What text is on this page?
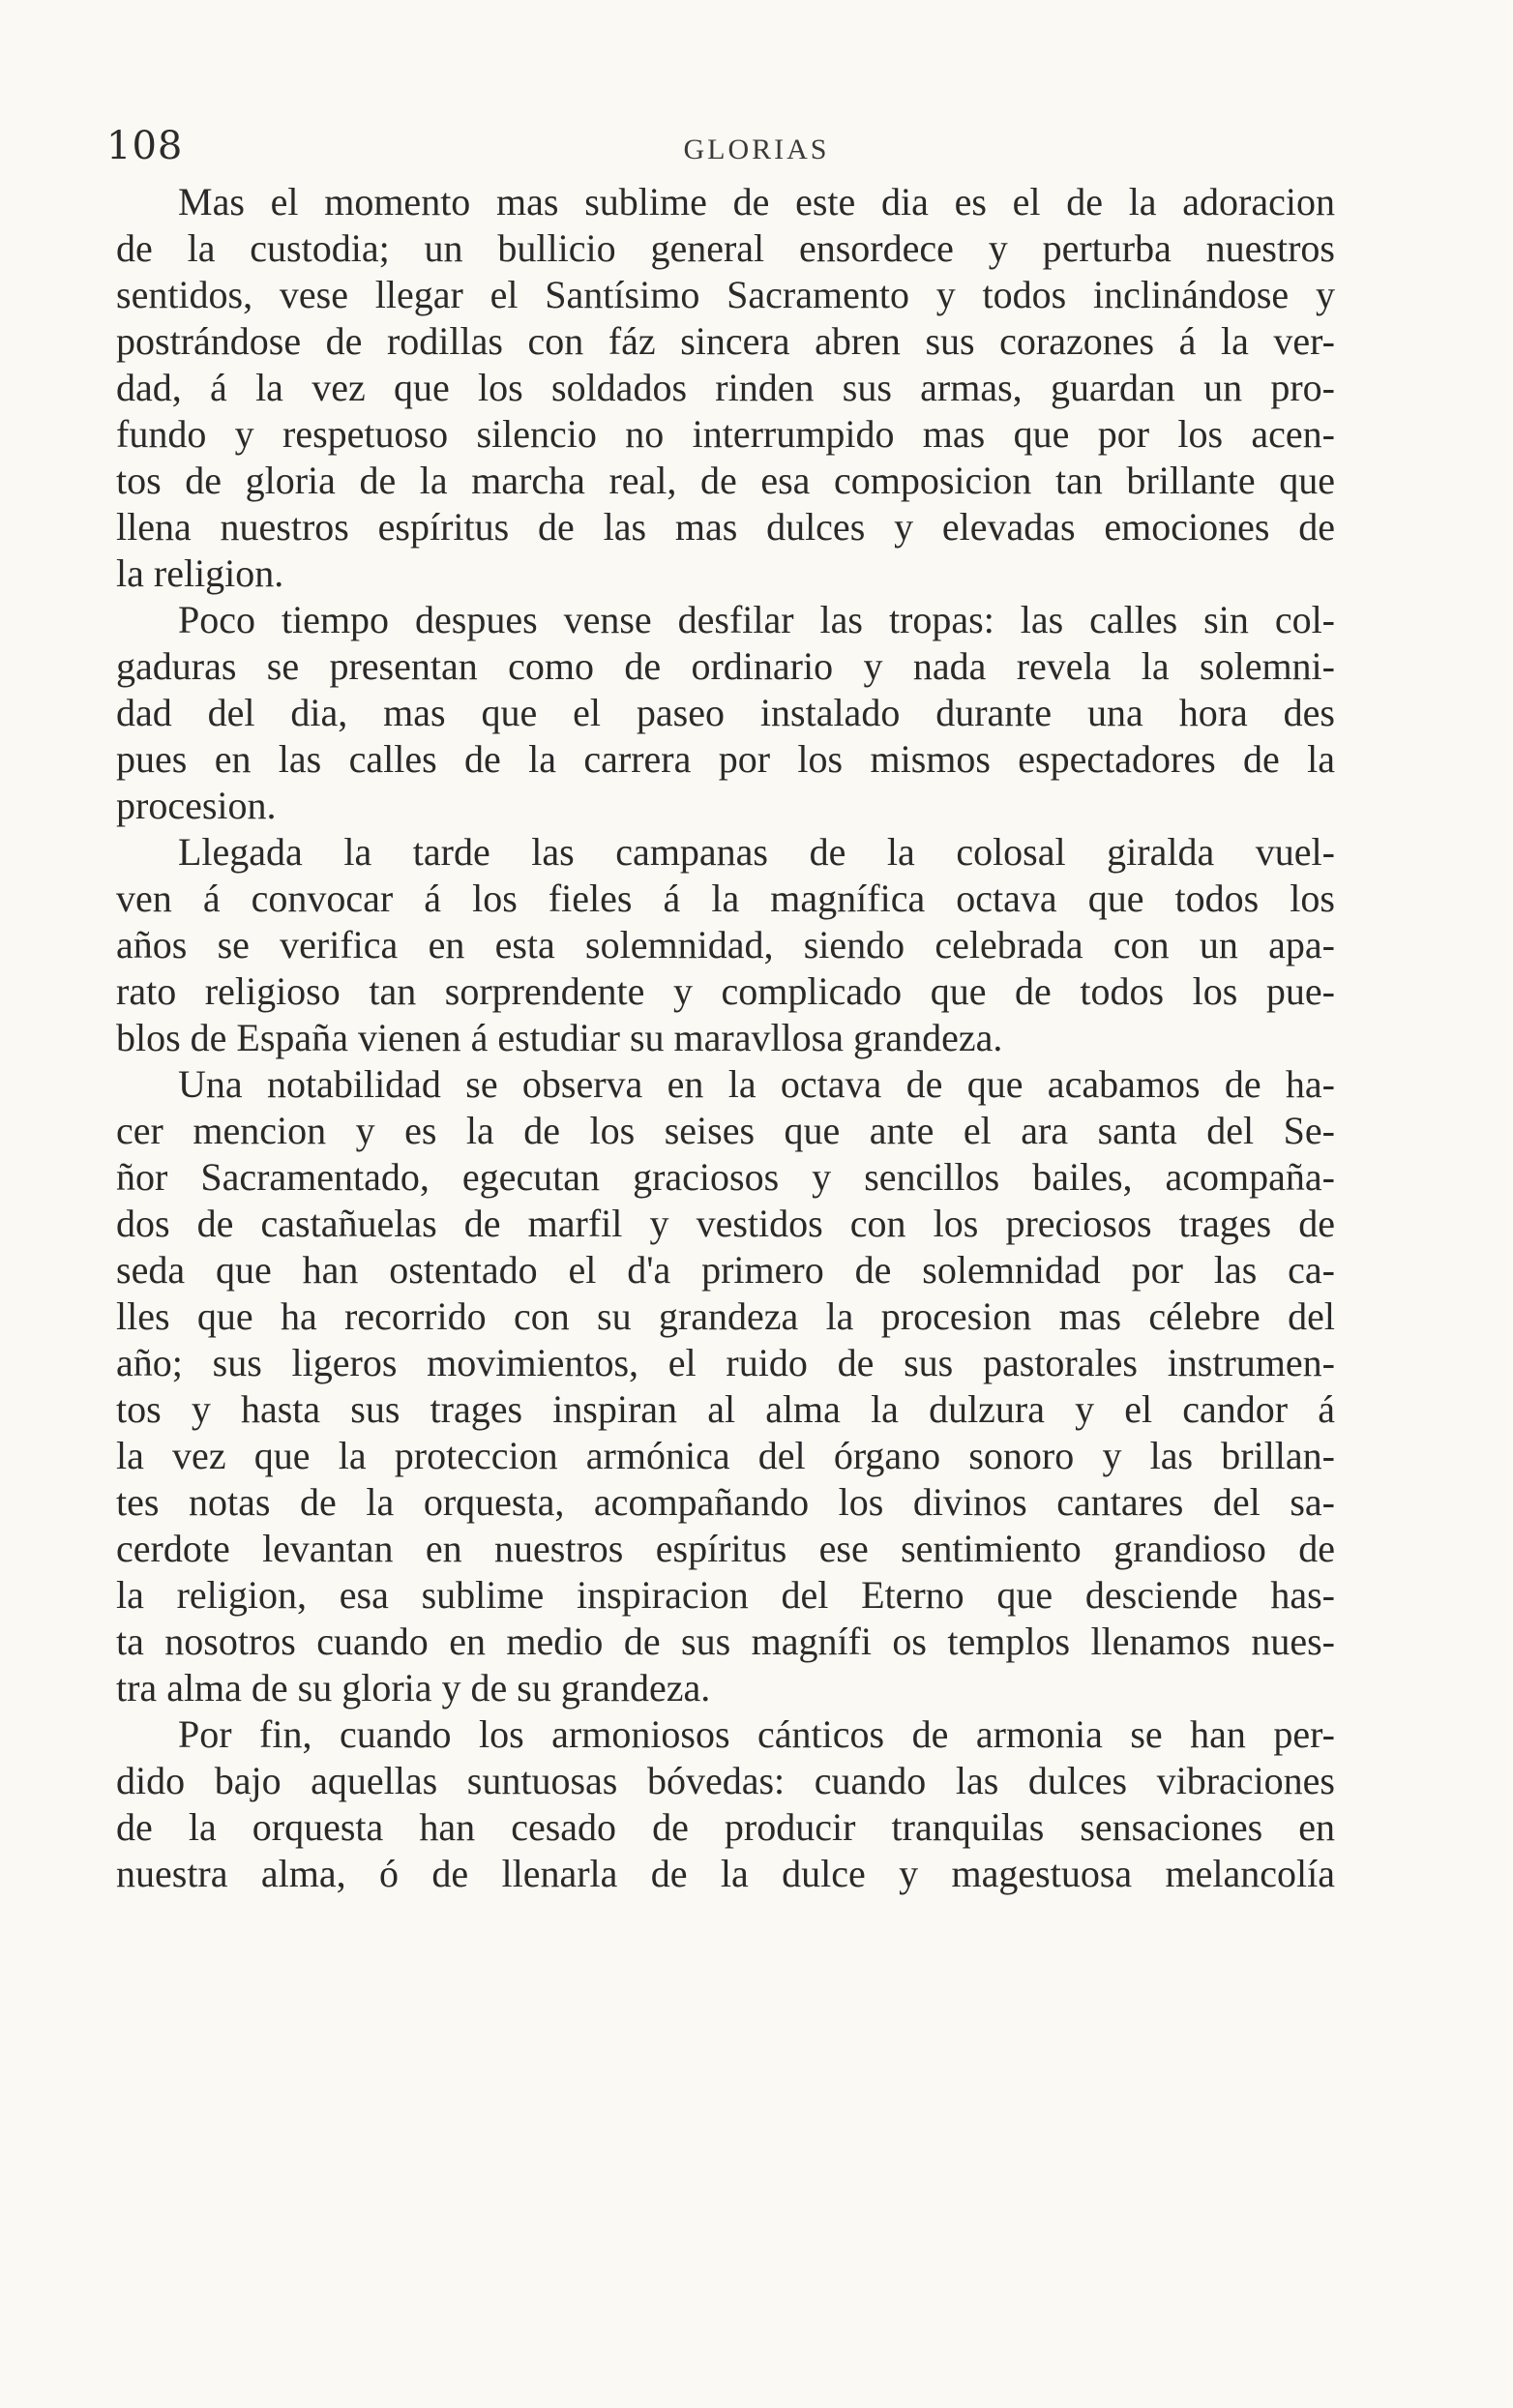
108	GLORIAS
Mas el momento mas sublime de este dia es el de la adoracion
de la custodia; un bullicio general ensordece y perturba nuestros
sentidos, vese llegar el Santísimo Sacramento y todos inclinándose y
postrándose de rodillas con fáz sincera abren sus corazones á la ver-
dad, á la vez que los soldados rinden sus armas, guardan un pro-
fundo y respetuoso silencio no interrumpido mas que por los acen-
tos de gloria de la marcha real, de esa composicion tan brillante que
llena nuestros espíritus de las mas dulces y elevadas emociones de
la religion.
Poco tiempo despues vense desfilar las tropas: las calles sin col-
gaduras se presentan como de ordinario y nada revela la solemni-
dad del dia, mas que el paseo instalado durante una hora des
pues en las calles de la carrera por los mismos espectadores de la
procesion.
Llegada la tarde las campanas de la colosal giralda vuel-
ven á convocar á los fieles á la magnífica octava que todos los
años se verifica en esta solemnidad, siendo celebrada con un apa-
rato religioso tan sorprendente y complicado que de todos los pue-
blos de España vienen á estudiar su maravllosa grandeza.
Una notabilidad se observa en la octava de que acabamos de ha-
cer mencion y es la de los seises que ante el ara santa del Se-
ñor Sacramentado, egecutan graciosos y sencillos bailes, acompaña-
dos de castañuelas de marfil y vestidos con los preciosos trages de
seda que han ostentado el d'a primero de solemnidad por las ca-
lles que ha recorrido con su grandeza la procesion mas célebre del
año; sus ligeros movimientos, el ruido de sus pastorales instrumen-
tos y hasta sus trages inspiran al alma la dulzura y el candor á
la vez que la proteccion armónica del órgano sonoro y las brillan-
tes notas de la orquesta, acompañando los divinos cantares del sa-
cerdote levantan en nuestros espíritus ese sentimiento grandioso de
la religion, esa sublime inspiracion del Eterno que desciende has-
ta nosotros cuando en medio de sus magnífi os templos llenamos nues-
tra alma de su gloria y de su grandeza.
Por fin, cuando los armoniosos cánticos de armonia se han per-
dido bajo aquellas suntuosas bóvedas: cuando las dulces vibraciones
de la orquesta han cesado de producir tranquilas sensaciones en
nuestra alma, ó de llenarla de la dulce y magestuosa melancolía
